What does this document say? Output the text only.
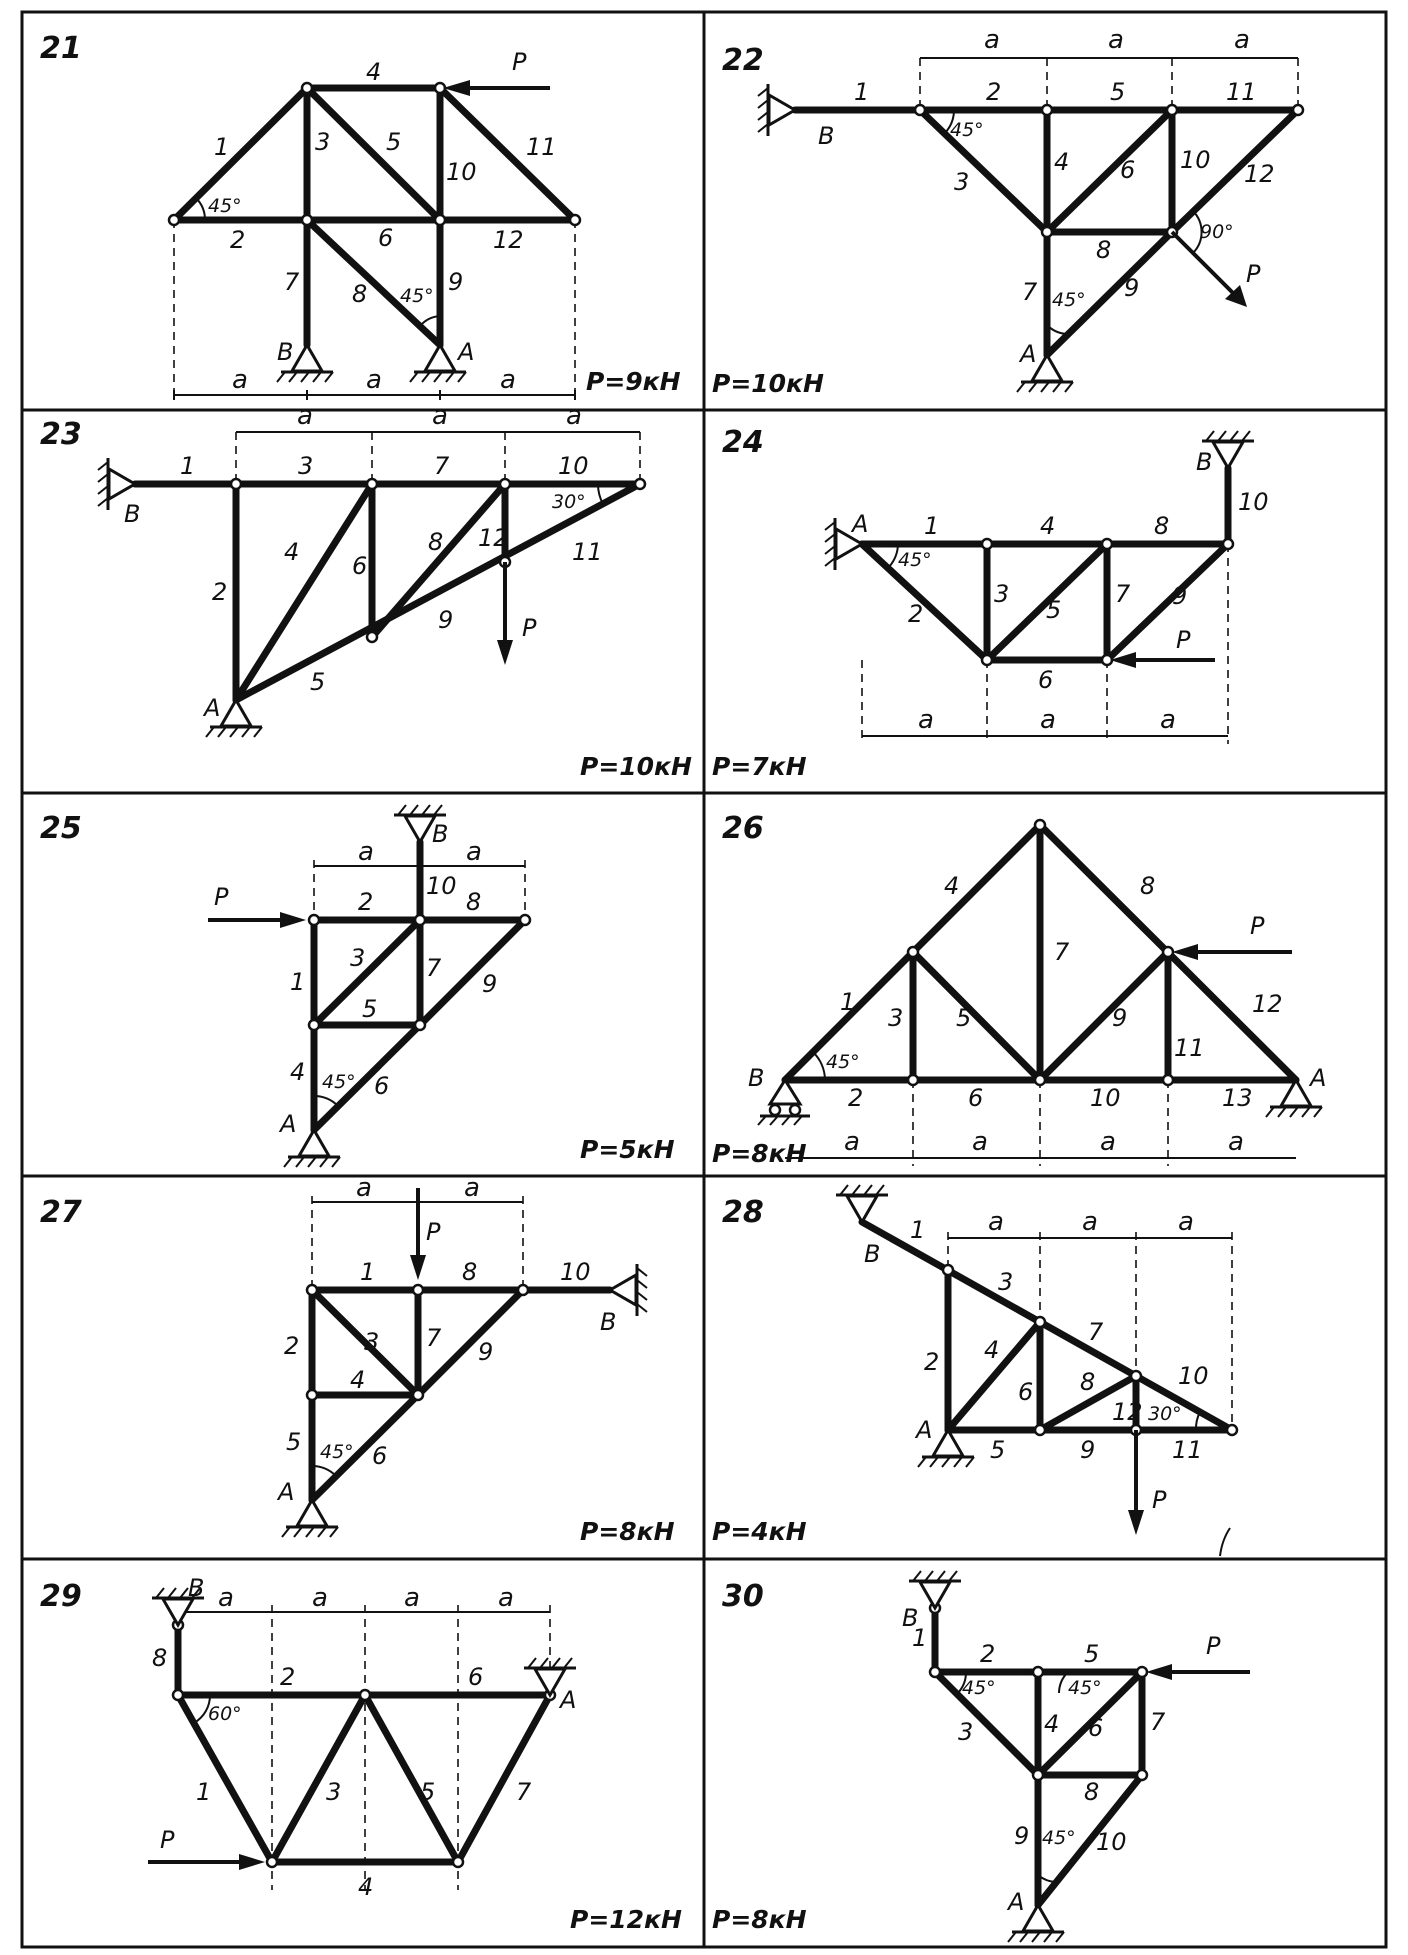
21
1
2
3
4
5
6
7 8	9
10
11
12
45°
45°
B	A
P
a	a	a	P=9кН
22
1	2
3
4
5
6
7
8
9
10
11
12
45°
45°
90°
B
A
P
a	a	a
P=10кН
23
1
2
3
4
5
6
7
8
9
10
11
12
30°
B
A
P
a	a	a
P=10кН
24
1
2
3
4
5
6
7
8
9
10
45°
A
B
P
a	a	a
P=7кН
25
1
2
3
4
5
6
7
8
9
10
45°
B
A
P
a	a
P=5кН
26
1
2
3
4
5
6
7
8
9
10
11
12
13
45°
B	A
P
a	a	a	a
P=8кН
27
1
2	3
4
5	6
7
8
9
10
45°
A
B
P
a	a
P=8кН
28	1
2
3
4
5
6
7
8
9
10
11
12 30°
B
A
P
a	a	a
P=4кН
29
1
2
3
4
5
6
7
8
60°
B
A
P
a	a	a	a
P=12кН
30
1
2
3	4
5
6 7
8
9	10
45°	45°
45°
B
A
P
P=8кН
